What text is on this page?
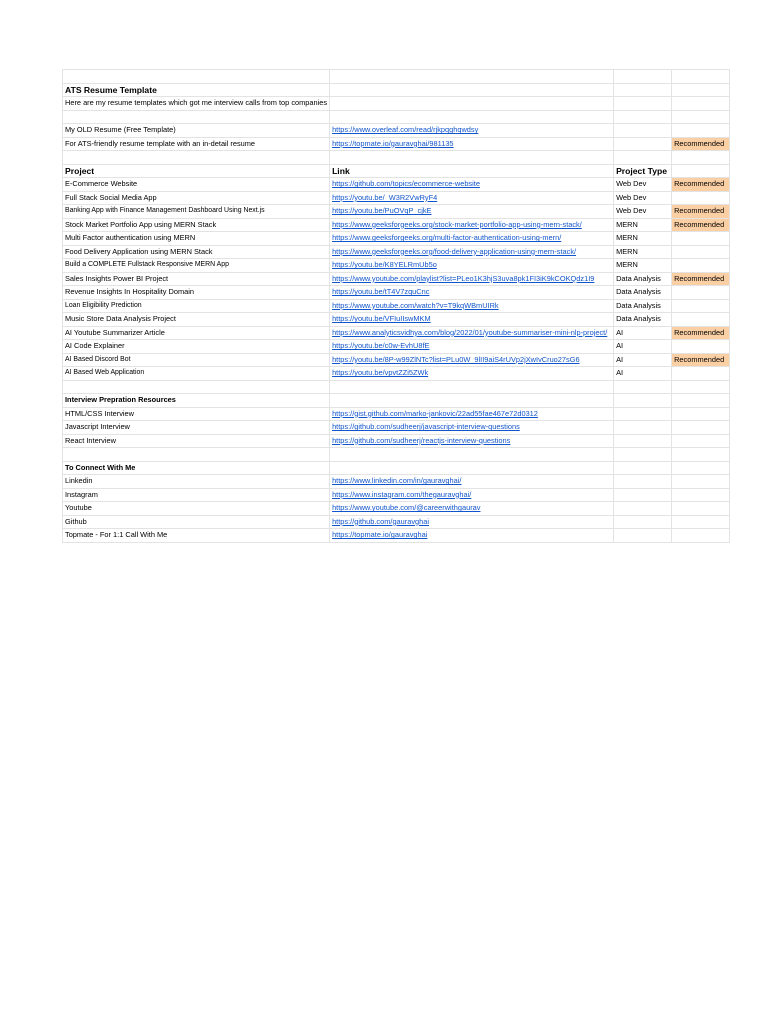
ATS Resume Template			
Here are my resume templates which got me interview calls from top companies			

My OLD Resume (Free Template)	https://www.overleaf.com/read/rjkpqghqwdsy		
For ATS-friendly resume template with an in-detail resume	https://topmate.io/gauravghai/981135		Recommended

Project	Link	Project Type	
E-Commerce Website	https://github.com/topics/ecommerce-website	Web Dev	Recommended
Full Stack Social Media App	https://youtu.be/_W3R2VwRyF4	Web Dev	
Banking App with Finance Management Dashboard Using Next.js	https://youtu.be/PuOVqP_cjkE	Web Dev	Recommended
Stock Market Portfolio App using MERN Stack	https://www.geeksforgeeks.org/stock-market-portfolio-app-using-mern-stack/	MERN	Recommended
Multi Factor authentication using MERN	https://www.geeksforgeeks.org/multi-factor-authentication-using-mern/	MERN	
Food Delivery Application using MERN Stack	https://www.geeksforgeeks.org/food-delivery-application-using-mern-stack/	MERN	
Build a COMPLETE Fullstack Responsive MERN App	https://youtu.be/K8YELRmUb5o	MERN	
Sales Insights Power BI Project	https://www.youtube.com/playlist?list=PLeo1K3hjS3uva8pk1FI3iK9kCOKQdz1I9	Data Analysis	Recommended
Revenue Insights In Hospitality Domain	https://youtu.be/tT4V7zquCnc	Data Analysis	
Loan Eligibility Prediction	https://www.youtube.com/watch?v=T9kqWBmUIRk	Data Analysis	
Music Store Data Analysis Project	https://youtu.be/VFIuIIswMKM	Data Analysis	
AI Youtube Summarizer Article	https://www.analyticsvidhya.com/blog/2022/01/youtube-summariser-mini-nlp-project/	AI	Recommended
AI Code Explainer	https://youtu.be/c0w-EvhU8fE	AI	
AI Based Discord Bot	https://youtu.be/8P-w99ZlNTc?list=PLu0W_9lII9aiS4rUVp2jXwIvCruo27sG6	AI	Recommended
AI Based Web Application	https://youtu.be/vpvtZZi5ZWk	AI	

Interview Prepration Resources			
HTML/CSS Interview	https://gist.github.com/marko-jankovic/22ad55fae467e72d0312		
Javascript Interview	https://github.com/sudheerj/javascript-interview-questions		
React Interview	https://github.com/sudheerj/reactjs-interview-questions		

To Connect With Me			
Linkedin	https://www.linkedin.com/in/gauravghai/		
Instagram	https://www.instagram.com/thegauravghai/		
Youtube	https://www.youtube.com/@careerwithgaurav		
Github	https://github.com/gauravghai		
Topmate - For 1:1 Call With Me	https://topmate.io/gauravghai		
